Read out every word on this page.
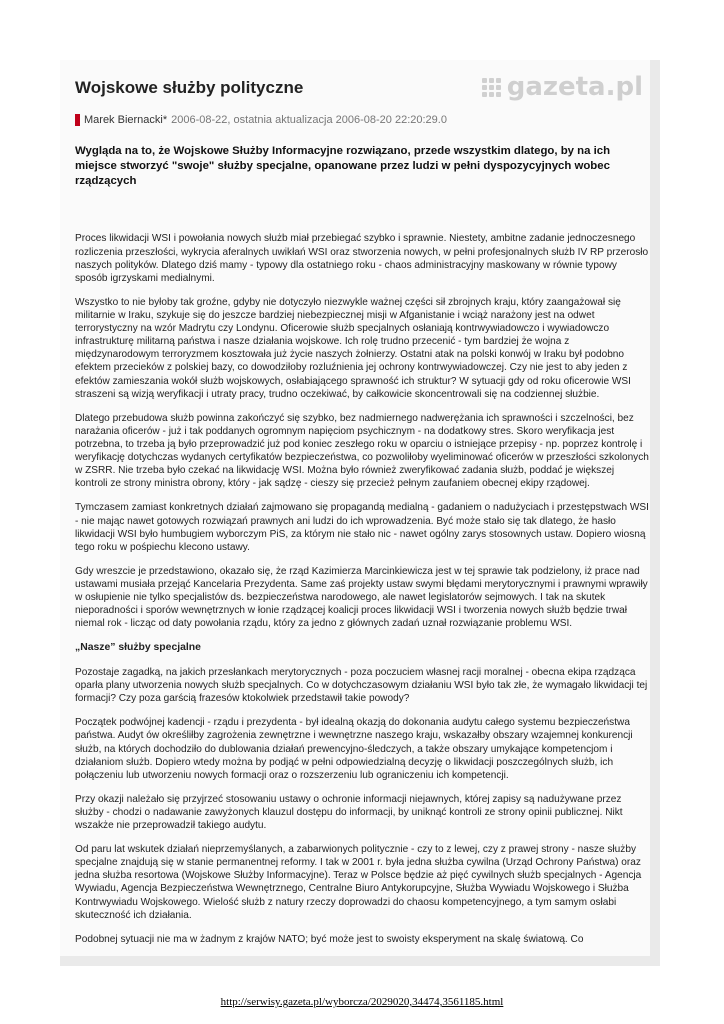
Wojskowe służby polityczne	gazeta.pl
Marek Biernacki* 2006-08-22, ostatnia aktualizacja 2006-08-20 22:20:29.0
Wygląda na to, że Wojskowe Służby Informacyjne rozwiązano, przede wszystkim dlatego, by na ich miejsce stworzyć "swoje" służby specjalne, opanowane przez ludzi w pełni dyspozycyjnych wobec rządzących

Proces likwidacji WSI i powołania nowych służb miał przebiegać szybko i sprawnie. Niestety, ambitne zadanie jednoczesnego rozliczenia przeszłości, wykrycia aferalnych uwikłań WSI oraz stworzenia nowych, w pełni profesjonalnych służb IV RP przerosło naszych polityków. Dlatego dziś mamy - typowy dla ostatniego roku - chaos administracyjny maskowany w równie typowy sposób igrzyskami medialnymi.

Wszystko to nie byłoby tak groźne, gdyby nie dotyczyło niezwykle ważnej części sił zbrojnych kraju, który zaangażował się militarnie w Iraku, szykuje się do jeszcze bardziej niebezpiecznej misji w Afganistanie i wciąż narażony jest na odwet terrorystyczny na wzór Madrytu czy Londynu. Oficerowie służb specjalnych osłaniają kontrwywiadowczo i wywiadowczo infrastrukturę militarną państwa i nasze działania wojskowe. Ich rolę trudno przecenić - tym bardziej że wojna z międzynarodowym terroryzmem kosztowała już życie naszych żołnierzy. Ostatni atak na polski konwój w Iraku był podobno efektem przecieków z polskiej bazy, co dowodziłoby rozluźnienia jej ochrony kontrwywiadowczej. Czy nie jest to aby jeden z efektów zamieszania wokół służb wojskowych, osłabiającego sprawność ich struktur? W sytuacji gdy od roku oficerowie WSI straszeni są wizją weryfikacji i utraty pracy, trudno oczekiwać, by całkowicie skoncentrowali się na codziennej służbie.

Dlatego przebudowa służb powinna zakończyć się szybko, bez nadmiernego nadwerężania ich sprawności i szczelności, bez narażania oficerów - już i tak poddanych ogromnym napięciom psychicznym - na dodatkowy stres. Skoro weryfikacja jest potrzebna, to trzeba ją było przeprowadzić już pod koniec zeszłego roku w oparciu o istniejące przepisy - np. poprzez kontrolę i weryfikację dotychczas wydanych certyfikatów bezpieczeństwa, co pozwoliłoby wyeliminować oficerów w przeszłości szkolonych w ZSRR. Nie trzeba było czekać na likwidację WSI. Można było również zweryfikować zadania służb, poddać je większej kontroli ze strony ministra obrony, który - jak sądzę - cieszy się przecież pełnym zaufaniem obecnej ekipy rządowej.

Tymczasem zamiast konkretnych działań zajmowano się propagandą medialną - gadaniem o nadużyciach i przestępstwach WSI - nie mając nawet gotowych rozwiązań prawnych ani ludzi do ich wprowadzenia. Być może stało się tak dlatego, że hasło likwidacji WSI było humbugiem wyborczym PiS, za którym nie stało nic - nawet ogólny zarys stosownych ustaw. Dopiero wiosną tego roku w pośpiechu klecono ustawy.

Gdy wreszcie je przedstawiono, okazało się, że rząd Kazimierza Marcinkiewicza jest w tej sprawie tak podzielony, iż prace nad ustawami musiała przejąć Kancelaria Prezydenta. Same zaś projekty ustaw swymi błędami merytorycznymi i prawnymi wprawiły w osłupienie nie tylko specjalistów ds. bezpieczeństwa narodowego, ale nawet legislatorów sejmowych. I tak na skutek nieporadności i sporów wewnętrznych w łonie rządzącej koalicji proces likwidacji WSI i tworzenia nowych służb będzie trwał niemal rok - licząc od daty powołania rządu, który za jedno z głównych zadań uznał rozwiązanie problemu WSI.

„Nasze” służby specjalne

Pozostaje zagadką, na jakich przesłankach merytorycznych - poza poczuciem własnej racji moralnej - obecna ekipa rządząca oparła plany utworzenia nowych służb specjalnych. Co w dotychczasowym działaniu WSI było tak złe, że wymagało likwidacji tej formacji? Czy poza garścią frazesów ktokolwiek przedstawił takie powody?

Początek podwójnej kadencji - rządu i prezydenta - był idealną okazją do dokonania audytu całego systemu bezpieczeństwa państwa. Audyt ów określiłby zagrożenia zewnętrzne i wewnętrzne naszego kraju, wskazałby obszary wzajemnej konkurencji służb, na których dochodziło do dublowania działań prewencyjno-śledczych, a także obszary umykające kompetencjom i działaniom służb. Dopiero wtedy można by podjąć w pełni odpowiedzialną decyzję o likwidacji poszczególnych służb, ich połączeniu lub utworzeniu nowych formacji oraz o rozszerzeniu lub ograniczeniu ich kompetencji.

Przy okazji należało się przyjrzeć stosowaniu ustawy o ochronie informacji niejawnych, której zapisy są nadużywane przez służby - chodzi o nadawanie zawyżonych klauzul dostępu do informacji, by uniknąć kontroli ze strony opinii publicznej. Nikt wszakże nie przeprowadził takiego audytu.

Od paru lat wskutek działań nieprzemyślanych, a zabarwionych politycznie - czy to z lewej, czy z prawej strony - nasze służby specjalne znajdują się w stanie permanentnej reformy. I tak w 2001 r. była jedna służba cywilna (Urząd Ochrony Państwa) oraz jedna służba resortowa (Wojskowe Służby Informacyjne). Teraz w Polsce będzie aż pięć cywilnych służb specjalnych - Agencja Wywiadu, Agencja Bezpieczeństwa Wewnętrznego, Centralne Biuro Antykorupcyjne, Służba Wywiadu Wojskowego i Służba Kontrwywiadu Wojskowego. Wielość służb z natury rzeczy doprowadzi do chaosu kompetencyjnego, a tym samym osłabi skuteczność ich działania.

Podobnej sytuacji nie ma w żadnym z krajów NATO; być może jest to swoisty eksperyment na skalę światową. Co

http://serwisy.gazeta.pl/wyborcza/2029020,34474,3561185.html
